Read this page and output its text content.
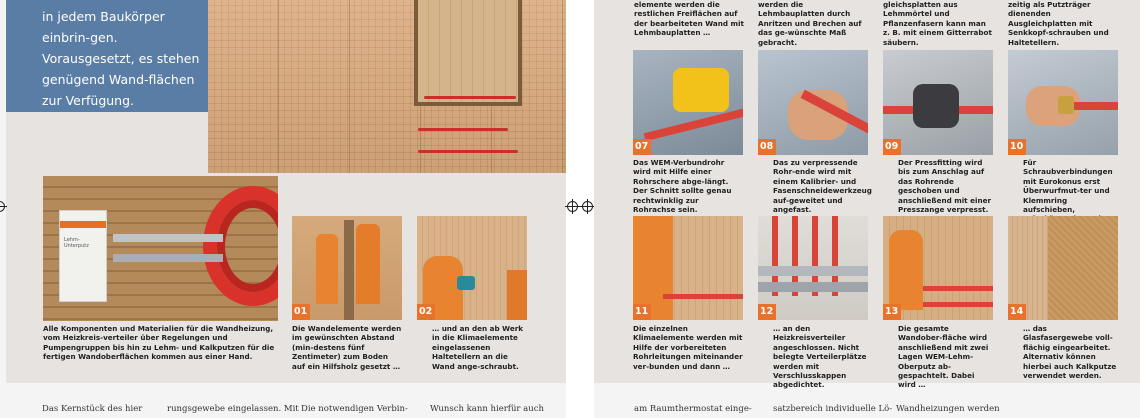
in jedem Baukörper einbrin-gen. Vorausgesetzt, es stehen genügend Wand-flächen zur Verfügung.

Lehm-Unterputz
Alle Komponenten und Materialien für die Wandheizung, vom Heizkreis-verteiler über Regelungen und Pumpengruppen bis hin zu Lehm- und Kalkputzen für die fertigen Wandoberflächen kommen aus einer Hand.
01
Die Wandelemente werden im gewünschten Abstand (min-destens fünf Zentimeter) zum Boden auf ein Hilfsholz gesetzt …
02
… und an den ab Werk in die Klimaelemente eingelassenen Haltetellern an die Wand ange-schraubt.
Das Kernstück des hier	rungsgewebe eingelassen. Mit Die notwendigen Verbin-	Wunsch kann hierfür auch
elemente werden die restlichen Freiflächen auf der bearbeiteten Wand mit Lehmbauplatten …
werden die Lehmbauplatten durch Anritzen und Brechen auf das ge-wünschte Maß gebracht.
gleichsplatten aus Lehmmörtel und Pflanzenfasern kann man z. B. mit einem Gitterrabot säubern.
zeitig als Putzträger dienenden Ausgleichplatten mit Senkkopf-schrauben und Haltetellern.
07
Das WEM-Verbundrohr wird mit Hilfe einer Rohrschere abge-längt. Der Schnitt sollte genau rechtwinklig zur Rohrachse sein.
08
Das zu verpressende Rohr-ende wird mit einem Kalibrier- und Fasenschneidewerkzeug auf-geweitet und angefast.
09
Der Pressfitting wird bis zum Anschlag auf das Rohrende geschoben und anschließend mit einer Presszange verpresst.
10
Für Schraubverbindungen mit Eurokonus erst Überwurfmut-ter und Klemmring aufschieben,
11
Die einzelnen Klimaelemente werden mit Hilfe der vorbereiteten Rohrleitungen miteinander ver-bunden und dann …
12
… an den Heizkreisverteiler angeschlossen. Nicht belegte Verteilerplätze werden mit Verschlusskappen abgedichtet.
13
Die gesamte Wandober-fläche wird anschließend mit zwei Lagen WEM-Lehm-Oberputz ab-gespachtelt. Dabei wird …
14
… das Glasfasergewebe voll-flächig eingearbeitet. Alternativ können hierbei auch Kalkputze verwendet werden.
am Raumthermostat einge-	satzbereich individuelle Lö- Wandheizungen werden
